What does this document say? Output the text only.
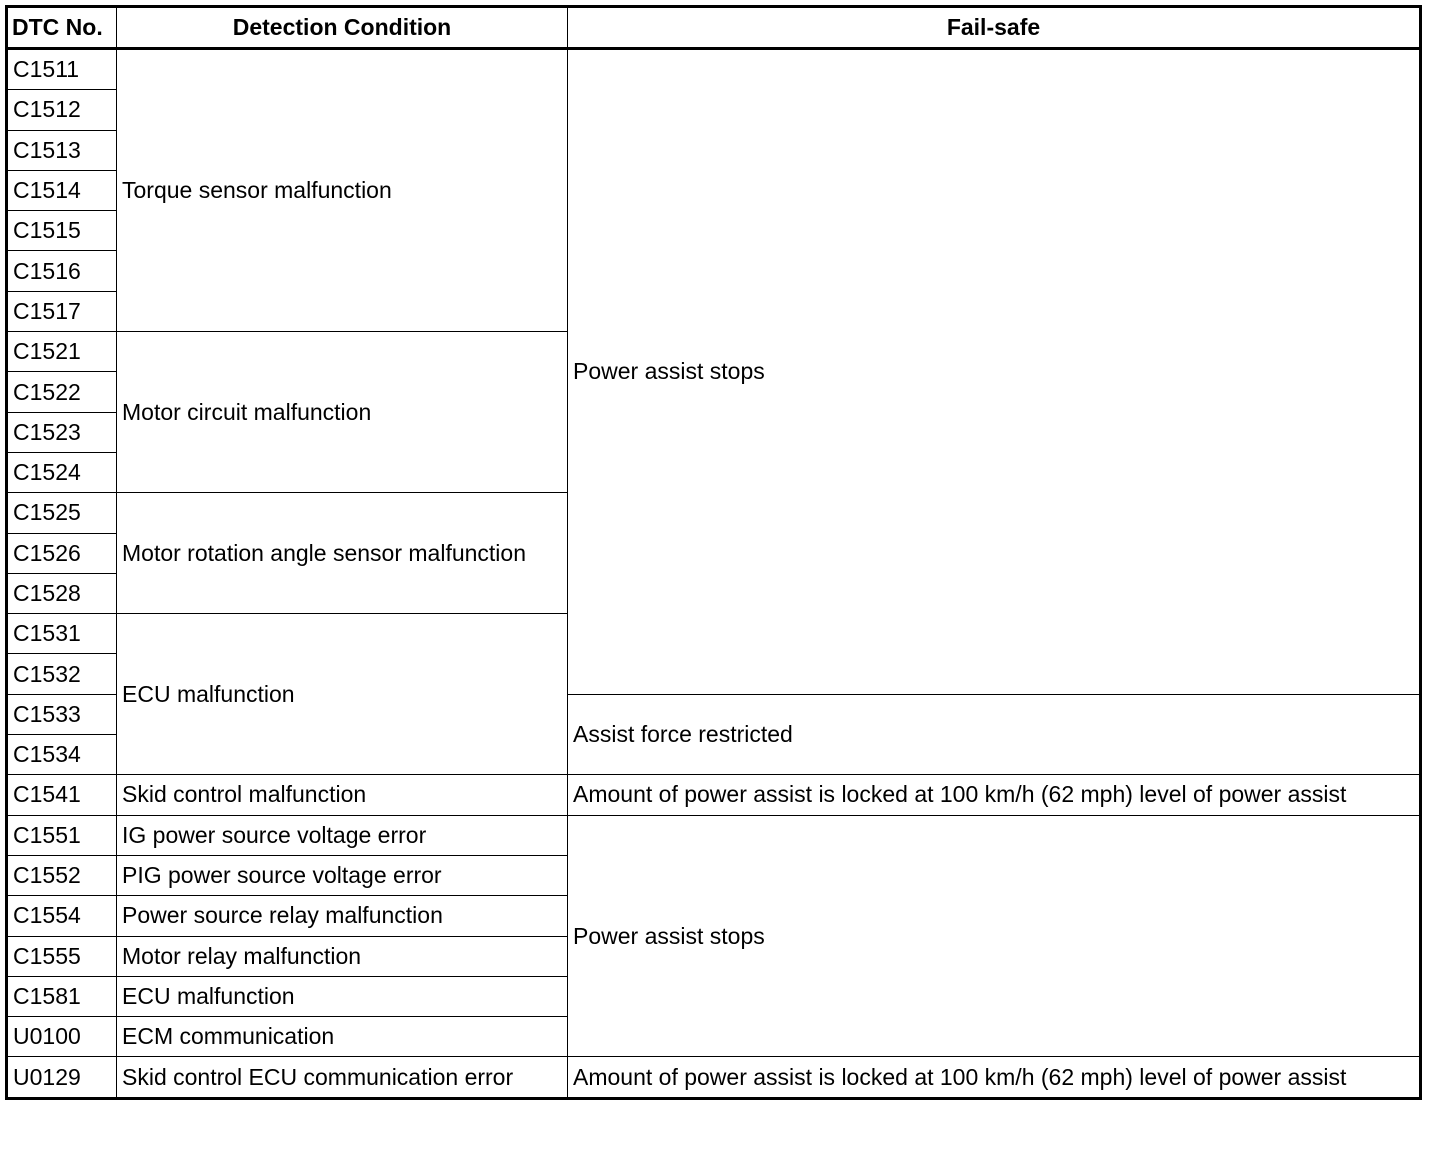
DTC No.	Detection Condition	Fail-safe
C1511	Torque sensor malfunction	Power assist stops
C1512		
C1513		
C1514		
C1515		
C1516		
C1517		
C1521	Motor circuit malfunction	
C1522		
C1523		
C1524		
C1525	Motor rotation angle sensor malfunction	
C1526		
C1528		
C1531	ECU malfunction	
C1532		
C1533		Assist force restricted
C1534		
C1541	Skid control malfunction	Amount of power assist is locked at 100 km/h (62 mph) level of power assist
C1551	IG power source voltage error	Power assist stops
C1552	PIG power source voltage error	
C1554	Power source relay malfunction	
C1555	Motor relay malfunction	
C1581	ECU malfunction	
U0100	ECM communication	
U0129	Skid control ECU communication error	Amount of power assist is locked at 100 km/h (62 mph) level of power assist
